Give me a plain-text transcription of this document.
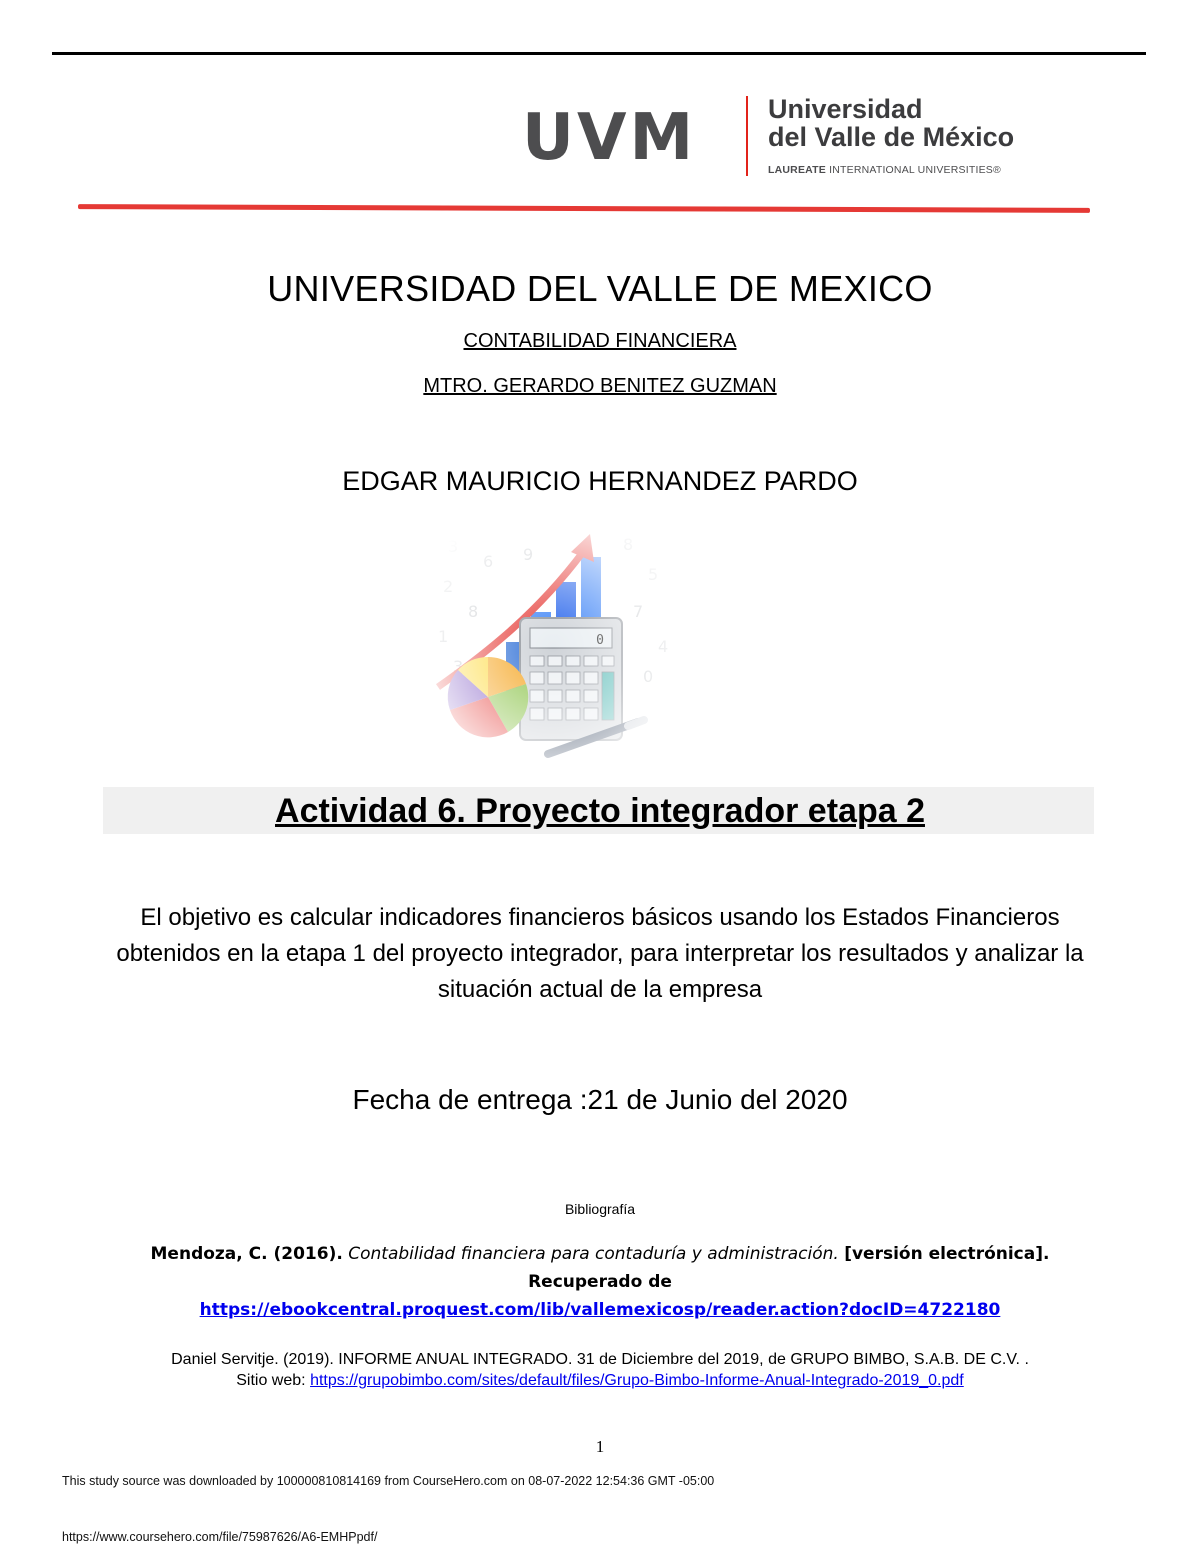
UVM	Universidad
del Valle de México
LAUREATE INTERNATIONAL UNIVERSITIES®
UNIVERSIDAD DEL VALLE DE MEXICO
CONTABILIDAD FINANCIERA
MTRO. GERARDO BENITEZ GUZMAN
EDGAR MAURICIO HERNANDEZ PARDO
Actividad 6. Proyecto integrador etapa 2
El objetivo es calcular indicadores financieros básicos usando los Estados Financieros obtenidos en la etapa 1 del proyecto integrador, para interpretar los resultados y analizar la situación actual de la empresa
Fecha de entrega :21 de Junio del 2020
Bibliografía
Mendoza, C. (2016). Contabilidad financiera para contaduría y administración. [versión electrónica]. Recuperado de
https://ebookcentral.proquest.com/lib/vallemexicosp/reader.action?docID=4722180
Daniel Servitje. (2019). INFORME ANUAL INTEGRADO. 31 de Diciembre del 2019, de GRUPO BIMBO, S.A.B. DE C.V. .
Sitio web: https://grupobimbo.com/sites/default/files/Grupo-Bimbo-Informe-Anual-Integrado-2019_0.pdf
1
This study source was downloaded by 100000810814169 from CourseHero.com on 08-07-2022 12:54:36 GMT -05:00
https://www.coursehero.com/file/75987626/A6-EMHPpdf/
